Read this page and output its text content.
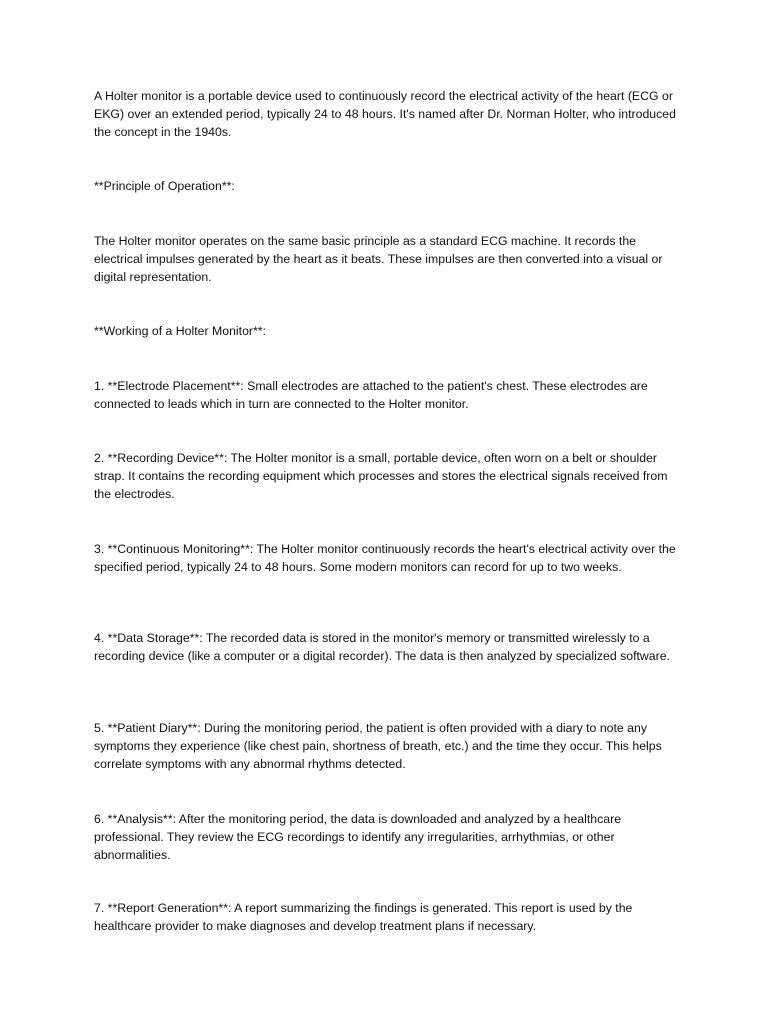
A Holter monitor is a portable device used to continuously record the electrical activity of the heart (ECG or EKG) over an extended period, typically 24 to 48 hours. It's named after Dr. Norman Holter, who introduced the concept in the 1940s.

**Principle of Operation**:

The Holter monitor operates on the same basic principle as a standard ECG machine. It records the electrical impulses generated by the heart as it beats. These impulses are then converted into a visual or digital representation.

**Working of a Holter Monitor**:

1. **Electrode Placement**: Small electrodes are attached to the patient's chest. These electrodes are connected to leads which in turn are connected to the Holter monitor.

2. **Recording Device**: The Holter monitor is a small, portable device, often worn on a belt or shoulder strap. It contains the recording equipment which processes and stores the electrical signals received from the electrodes.

3. **Continuous Monitoring**: The Holter monitor continuously records the heart's electrical activity over the specified period, typically 24 to 48 hours. Some modern monitors can record for up to two weeks.

4. **Data Storage**: The recorded data is stored in the monitor's memory or transmitted wirelessly to a recording device (like a computer or a digital recorder). The data is then analyzed by specialized software.

5. **Patient Diary**: During the monitoring period, the patient is often provided with a diary to note any symptoms they experience (like chest pain, shortness of breath, etc.) and the time they occur. This helps correlate symptoms with any abnormal rhythms detected.

6. **Analysis**: After the monitoring period, the data is downloaded and analyzed by a healthcare professional. They review the ECG recordings to identify any irregularities, arrhythmias, or other abnormalities.

7. **Report Generation**: A report summarizing the findings is generated. This report is used by the healthcare provider to make diagnoses and develop treatment plans if necessary.
